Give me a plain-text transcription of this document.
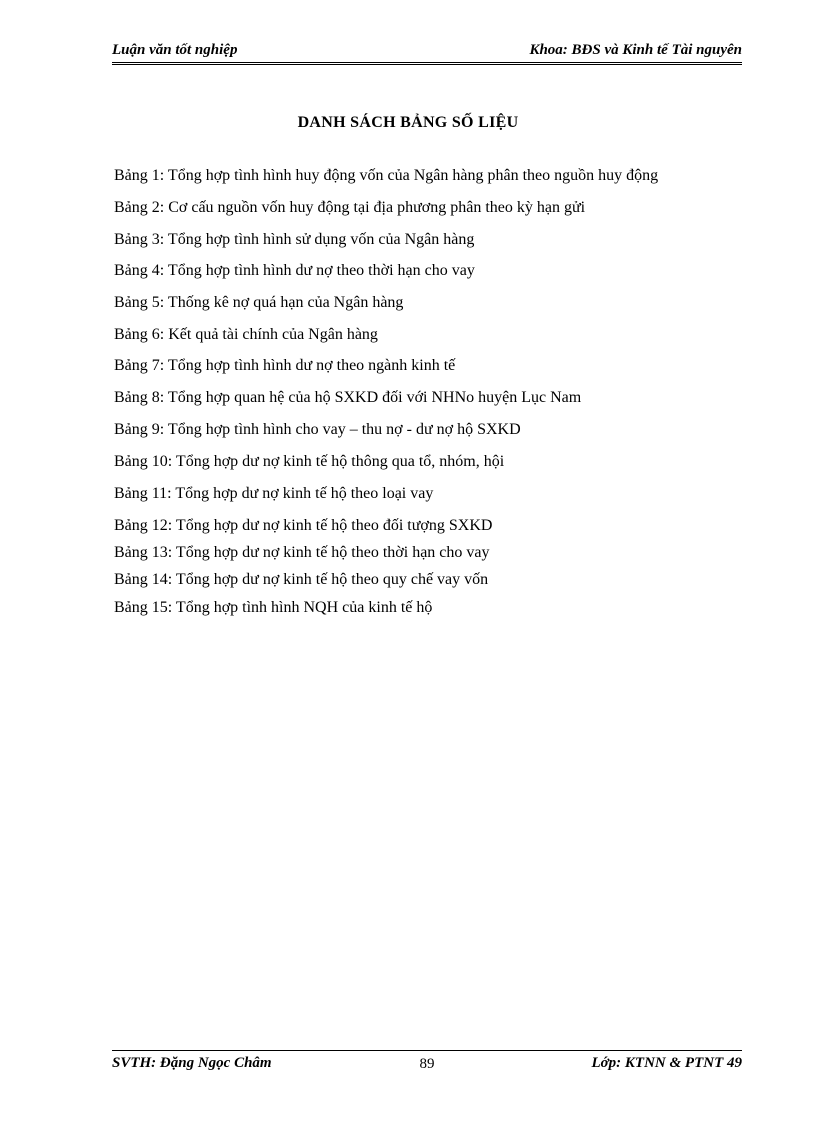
Luận văn tốt nghiệp	Khoa: BĐS và Kinh tế Tài nguyên
DANH SÁCH BẢNG SỐ LIỆU
Bảng 1: Tổng hợp tình hình huy động vốn của Ngân hàng phân theo nguồn huy động
Bảng 2: Cơ cấu nguồn vốn huy động tại địa phương phân theo kỳ hạn gửi
Bảng 3: Tổng hợp tình hình sử dụng vốn của Ngân hàng
Bảng 4: Tổng hợp tình hình dư nợ theo thời hạn cho vay
Bảng 5: Thống kê nợ quá hạn của Ngân hàng
Bảng 6: Kết quả tài chính của Ngân hàng
Bảng 7: Tổng hợp tình hình dư nợ theo ngành kinh tế
Bảng 8: Tổng hợp quan hệ của hộ SXKD đối với NHNo huyện Lục Nam
Bảng 9: Tổng hợp tình hình cho vay – thu nợ - dư nợ hộ SXKD
Bảng 10: Tổng hợp dư nợ kinh tế hộ thông qua tổ, nhóm, hội
Bảng 11: Tổng hợp dư nợ kinh tế hộ theo loại vay
Bảng 12: Tổng hợp dư nợ kinh tế hộ theo đối tượng SXKD
Bảng 13: Tổng hợp dư nợ kinh tế hộ theo thời hạn cho vay
Bảng 14: Tổng hợp dư nợ kinh tế hộ theo quy chế vay vốn
Bảng 15: Tổng hợp tình hình NQH của kinh tế hộ
SVTH: Đặng Ngọc Châm	89	Lớp: KTNN & PTNT 49
